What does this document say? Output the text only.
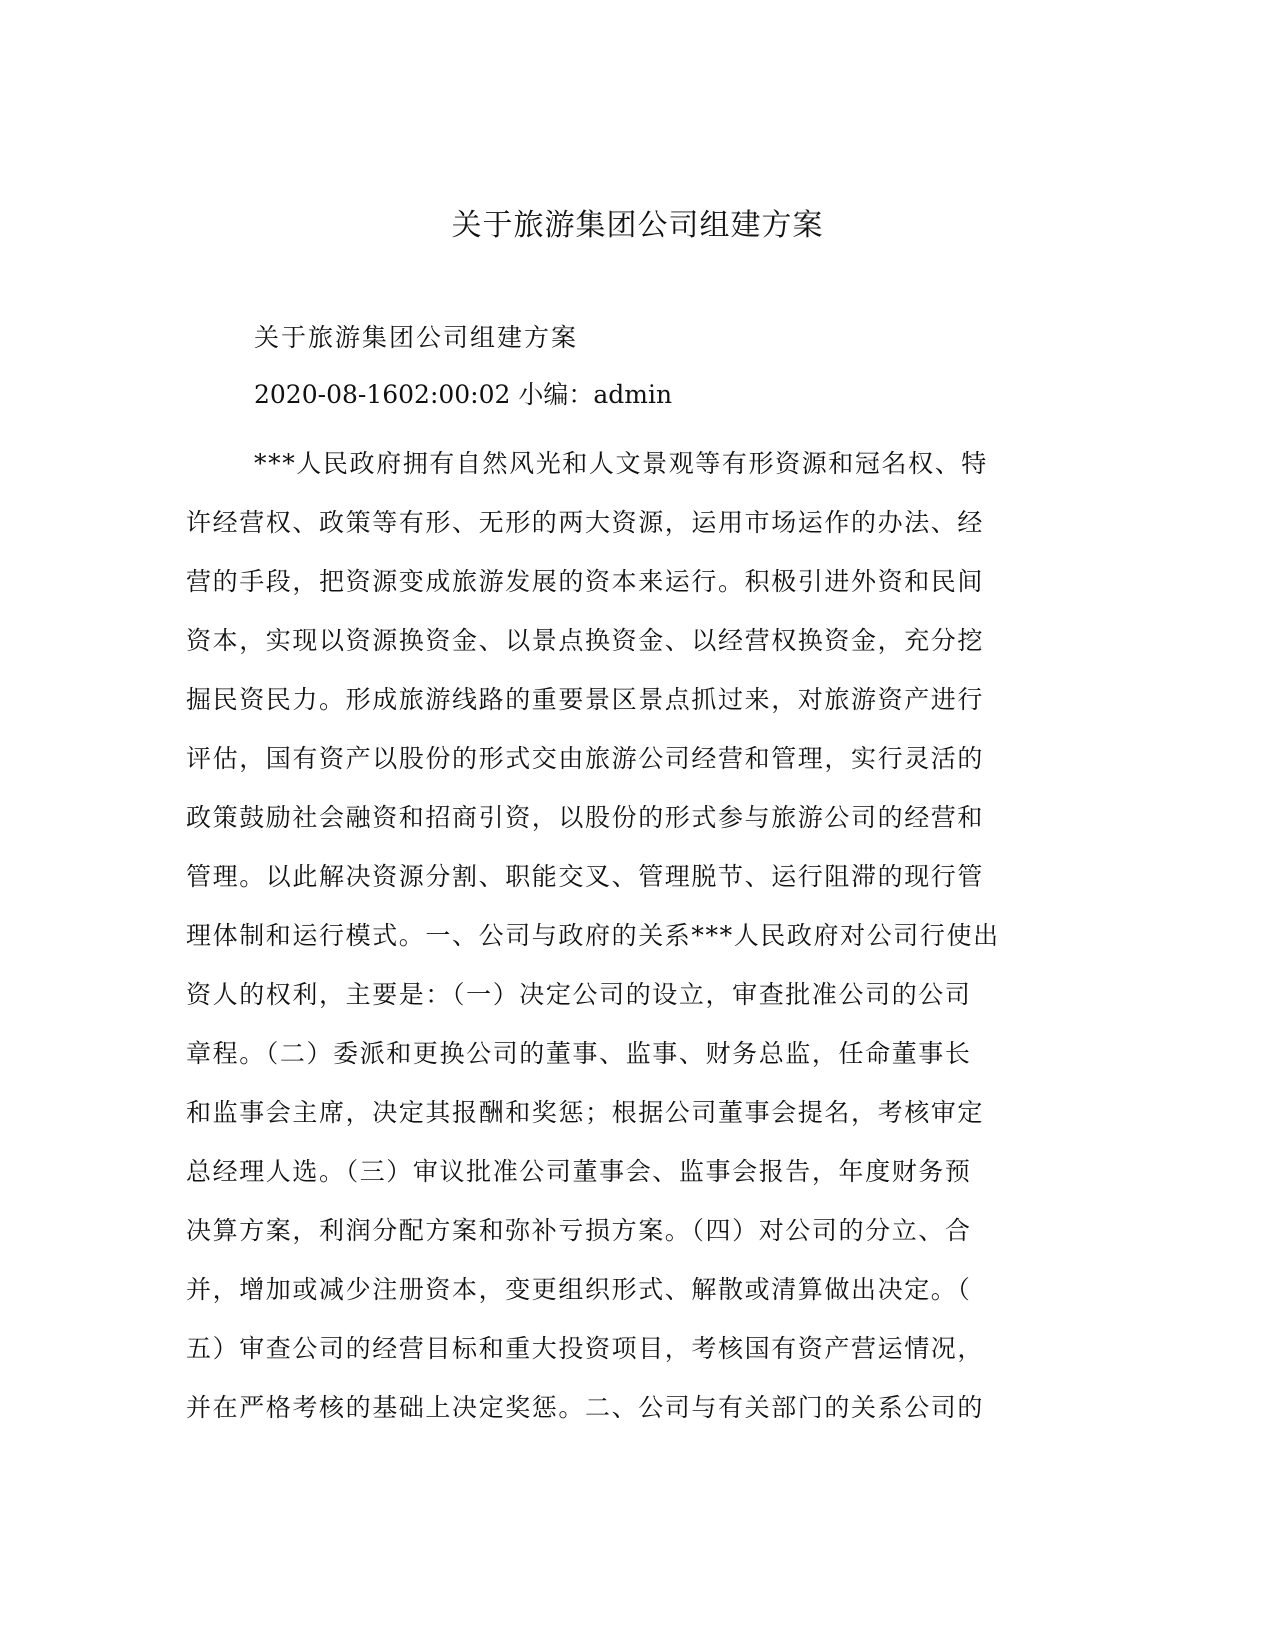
关于旅游集团公司组建方案
关于旅游集团公司组建方案
2020-08-1602:00:02 小编：admin
***人民政府拥有自然风光和人文景观等有形资源和冠名权、特
许经营权、政策等有形、无形的两大资源，运用市场运作的办法、经
营的手段，把资源变成旅游发展的资本来运行。积极引进外资和民间
资本，实现以资源换资金、以景点换资金、以经营权换资金，充分挖
掘民资民力。形成旅游线路的重要景区景点抓过来，对旅游资产进行
评估，国有资产以股份的形式交由旅游公司经营和管理，实行灵活的
政策鼓励社会融资和招商引资，以股份的形式参与旅游公司的经营和
管理。以此解决资源分割、职能交叉、管理脱节、运行阻滞的现行管
理体制和运行模式。一、公司与政府的关系***人民政府对公司行使出
资人的权利，主要是：（一）决定公司的设立，审查批准公司的公司
章程。（二）委派和更换公司的董事、监事、财务总监，任命董事长
和监事会主席，决定其报酬和奖惩；根据公司董事会提名，考核审定
总经理人选。（三）审议批准公司董事会、监事会报告，年度财务预
决算方案，利润分配方案和弥补亏损方案。（四）对公司的分立、合
并，增加或减少注册资本，变更组织形式、解散或清算做出决定。（
五）审查公司的经营目标和重大投资项目，考核国有资产营运情况，
并在严格考核的基础上决定奖惩。二、公司与有关部门的关系公司的
